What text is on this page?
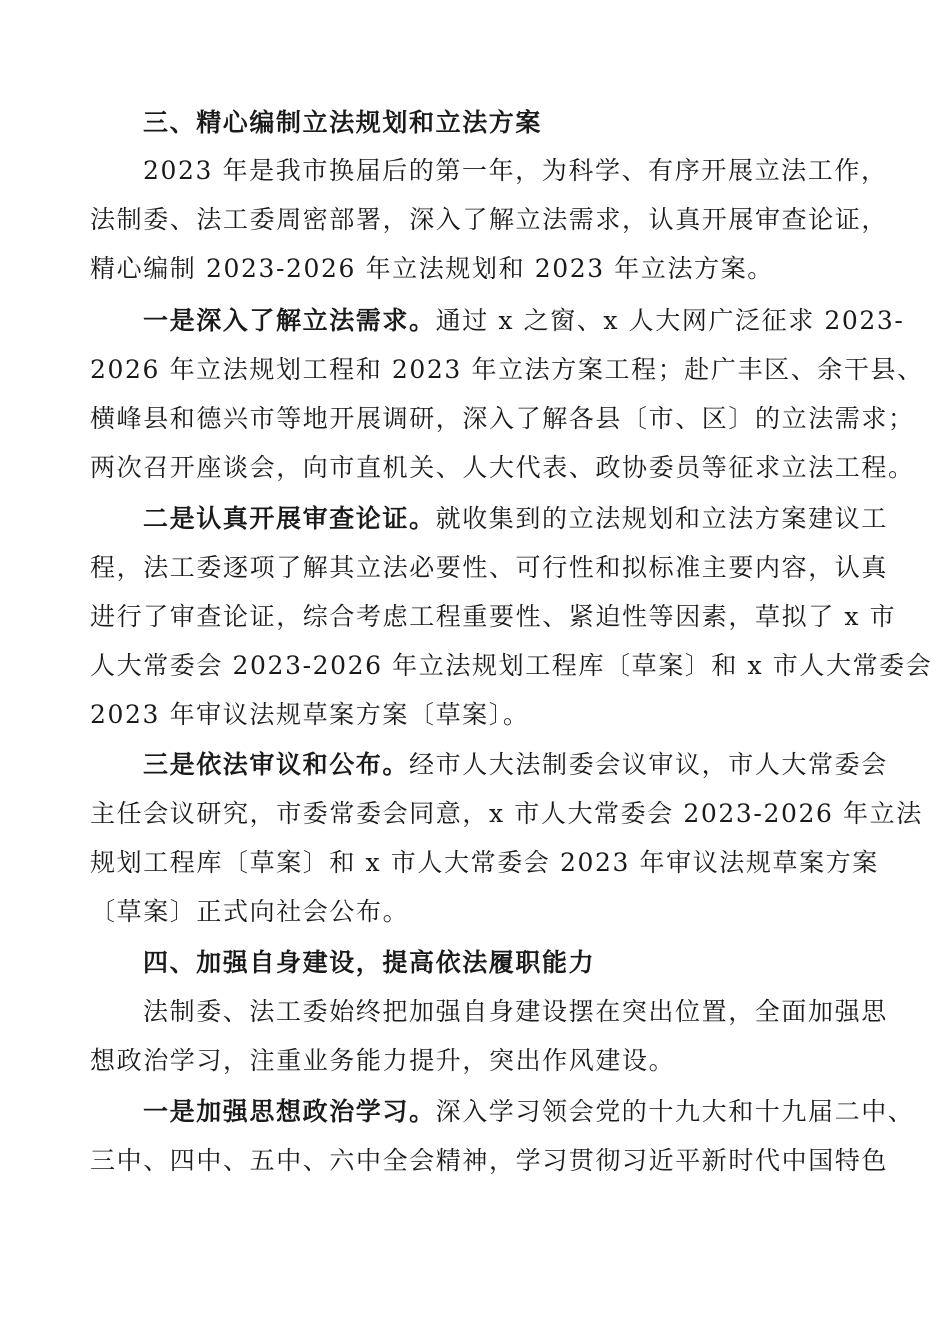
三、精心编制立法规划和立法方案
2023 年是我市换届后的第一年，为科学、有序开展立法工作，
法制委、法工委周密部署，深入了解立法需求，认真开展审查论证，
精心编制 2023-2026 年立法规划和 2023 年立法方案。
一是深入了解立法需求。通过 x 之窗、x 人大网广泛征求 2023-
2026 年立法规划工程和 2023 年立法方案工程；赴广丰区、余干县、
横峰县和德兴市等地开展调研，深入了解各县〔市、区〕的立法需求；
两次召开座谈会，向市直机关、人大代表、政协委员等征求立法工程。
二是认真开展审查论证。就收集到的立法规划和立法方案建议工
程，法工委逐项了解其立法必要性、可行性和拟标准主要内容，认真
进行了审查论证，综合考虑工程重要性、紧迫性等因素，草拟了 x 市
人大常委会 2023-2026 年立法规划工程库〔草案〕和 x 市人大常委会
2023 年审议法规草案方案〔草案〕。
三是依法审议和公布。经市人大法制委会议审议，市人大常委会
主任会议研究，市委常委会同意，x 市人大常委会 2023-2026 年立法
规划工程库〔草案〕和 x 市人大常委会 2023 年审议法规草案方案
〔草案〕正式向社会公布。
四、加强自身建设，提高依法履职能力
法制委、法工委始终把加强自身建设摆在突出位置，全面加强思
想政治学习，注重业务能力提升，突出作风建设。
一是加强思想政治学习。深入学习领会党的十九大和十九届二中、
三中、四中、五中、六中全会精神，学习贯彻习近平新时代中国特色
